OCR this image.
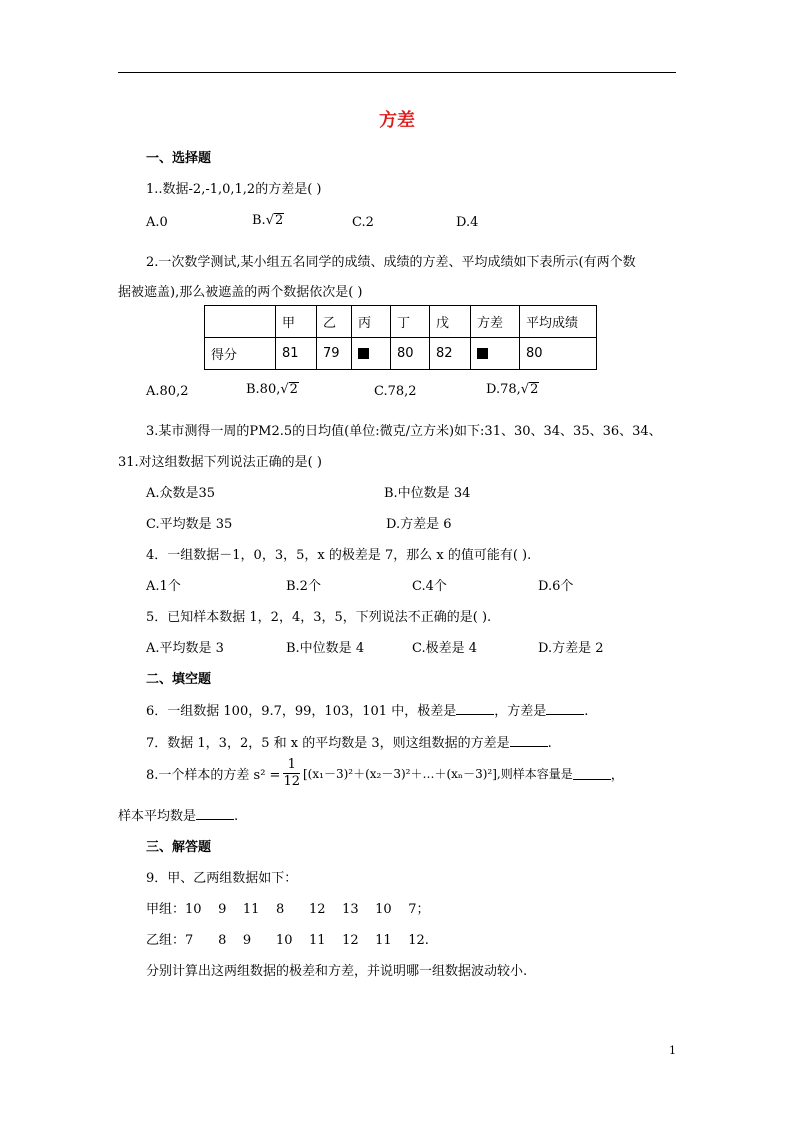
方差
一、选择题
1..数据-2,-1,0,1,2的方差是( )
A.0	B.√2	C.2	D.4
2.一次数学测试,某小组五名同学的成绩、成绩的方差、平均成绩如下表所示(有两个数
据被遮盖),那么被遮盖的两个数据依次是( )
	甲	乙	丙	丁	戊	方差	平均成绩
得分	81	79		80	82		80
A.80,2	B.80,√2	C.78,2	D.78,√2
3.某市测得一周的PM2.5的日均值(单位:微克/立方米)如下:31、30、34、35、36、34、
31.对这组数据下列说法正确的是( )
A.众数是35	B.中位数是 34
C.平均数是 35	D.方差是 6
4．一组数据－1，0，3，5，x 的极差是 7，那么 x 的值可能有( ).
A.1个	B.2个	C.4个	D.6个
5．已知样本数据 1，2，4，3，5，下列说法不正确的是( ).
A.平均数是 3	B.中位数是 4	C.极差是 4	D.方差是 2
二、填空题
6．一组数据 100，9.7，99，103，101 中，极差是	，方差是	.
7．数据 1，3，2，5 和 x 的平均数是 3，则这组数据的方差是	.
8.一个样本的方差 $s^2 = \frac{1}{12}$ [(x₁－3)²＋(x₂－3)²＋…＋(xₙ－3)²],则样本容量是	，
样本平均数是	.
三、解答题
9．甲、乙两组数据如下：
甲组：10    9    11    8      12    13    10    7；
乙组：7      8    9      10    11    12    11    12.
分别计算出这两组数据的极差和方差，并说明哪一组数据波动较小.
1
